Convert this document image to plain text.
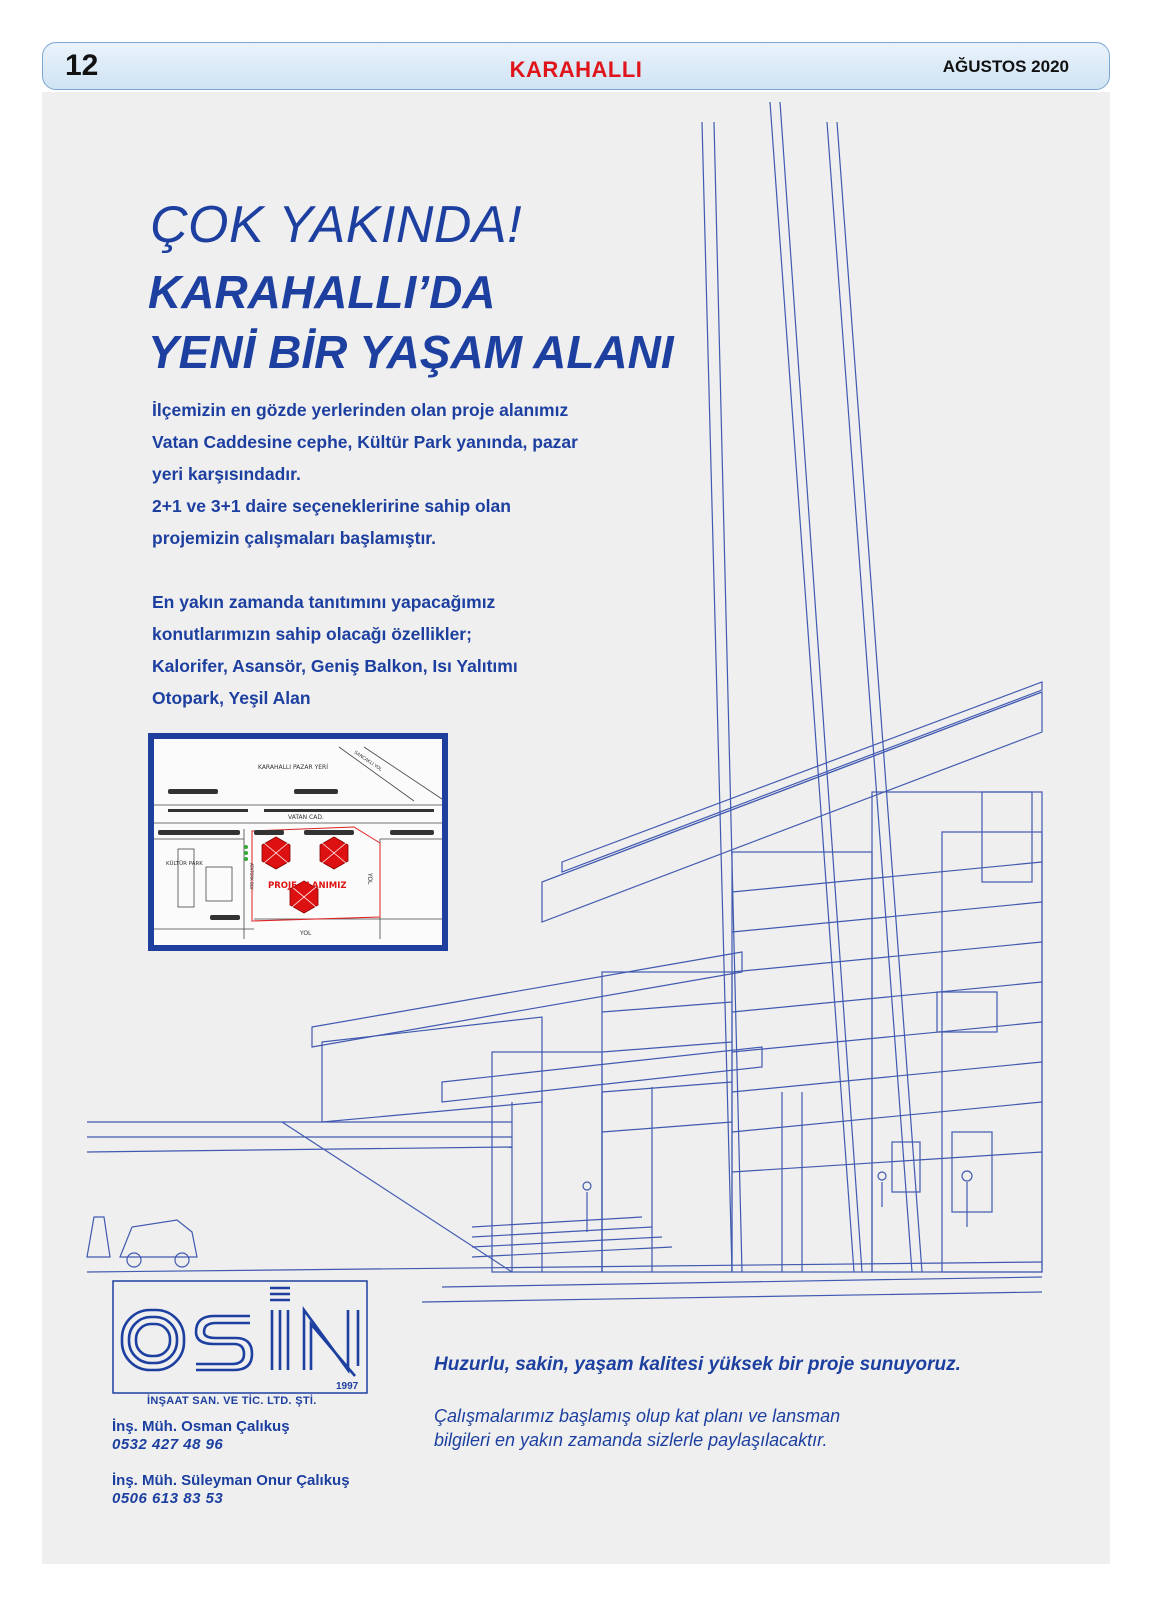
12	KARAHALLI	AĞUSTOS 2020
1997
İNŞAAT SAN. VE TİC. LTD. ŞTİ.
İnş. Müh. Osman Çalıkuş
0532 427 48 96
İnş. Müh. Süleyman Onur Çalıkuş
0506 613 83 53
Huzurlu, sakin, yaşam kalitesi yüksek bir proje sunuyoruz.
Çalışmalarımız başlamış olup kat planı ve lansman
bilgileri en yakın zamanda sizlerle paylaşılacaktır.
ÇOK YAKINDA!
KARAHALLI’DA
YENİ BİR YAŞAM ALANI
İlçemizin en gözde yerlerinden olan proje alanımız
Vatan Caddesine cephe, Kültür Park yanında, pazar
yeri karşısındadır.
2+1 ve 3+1 daire seçenekleririne sahip olan
projemizin çalışmaları başlamıştır.
En yakın zamanda tanıtımını yapacağımız
konutlarımızın sahip olacağı özellikler;
Kalorifer, Asansör, Geniş Balkon, Isı Yalıtımı
Otopark, Yeşil Alan
KARAHALLI PAZAR YERİ
VATAN CAD.
KÜLTÜR PARK
PROJE ALANIMIZ
YOL
YOL
SANCAKLI YOL
ATATÜRK BLV
